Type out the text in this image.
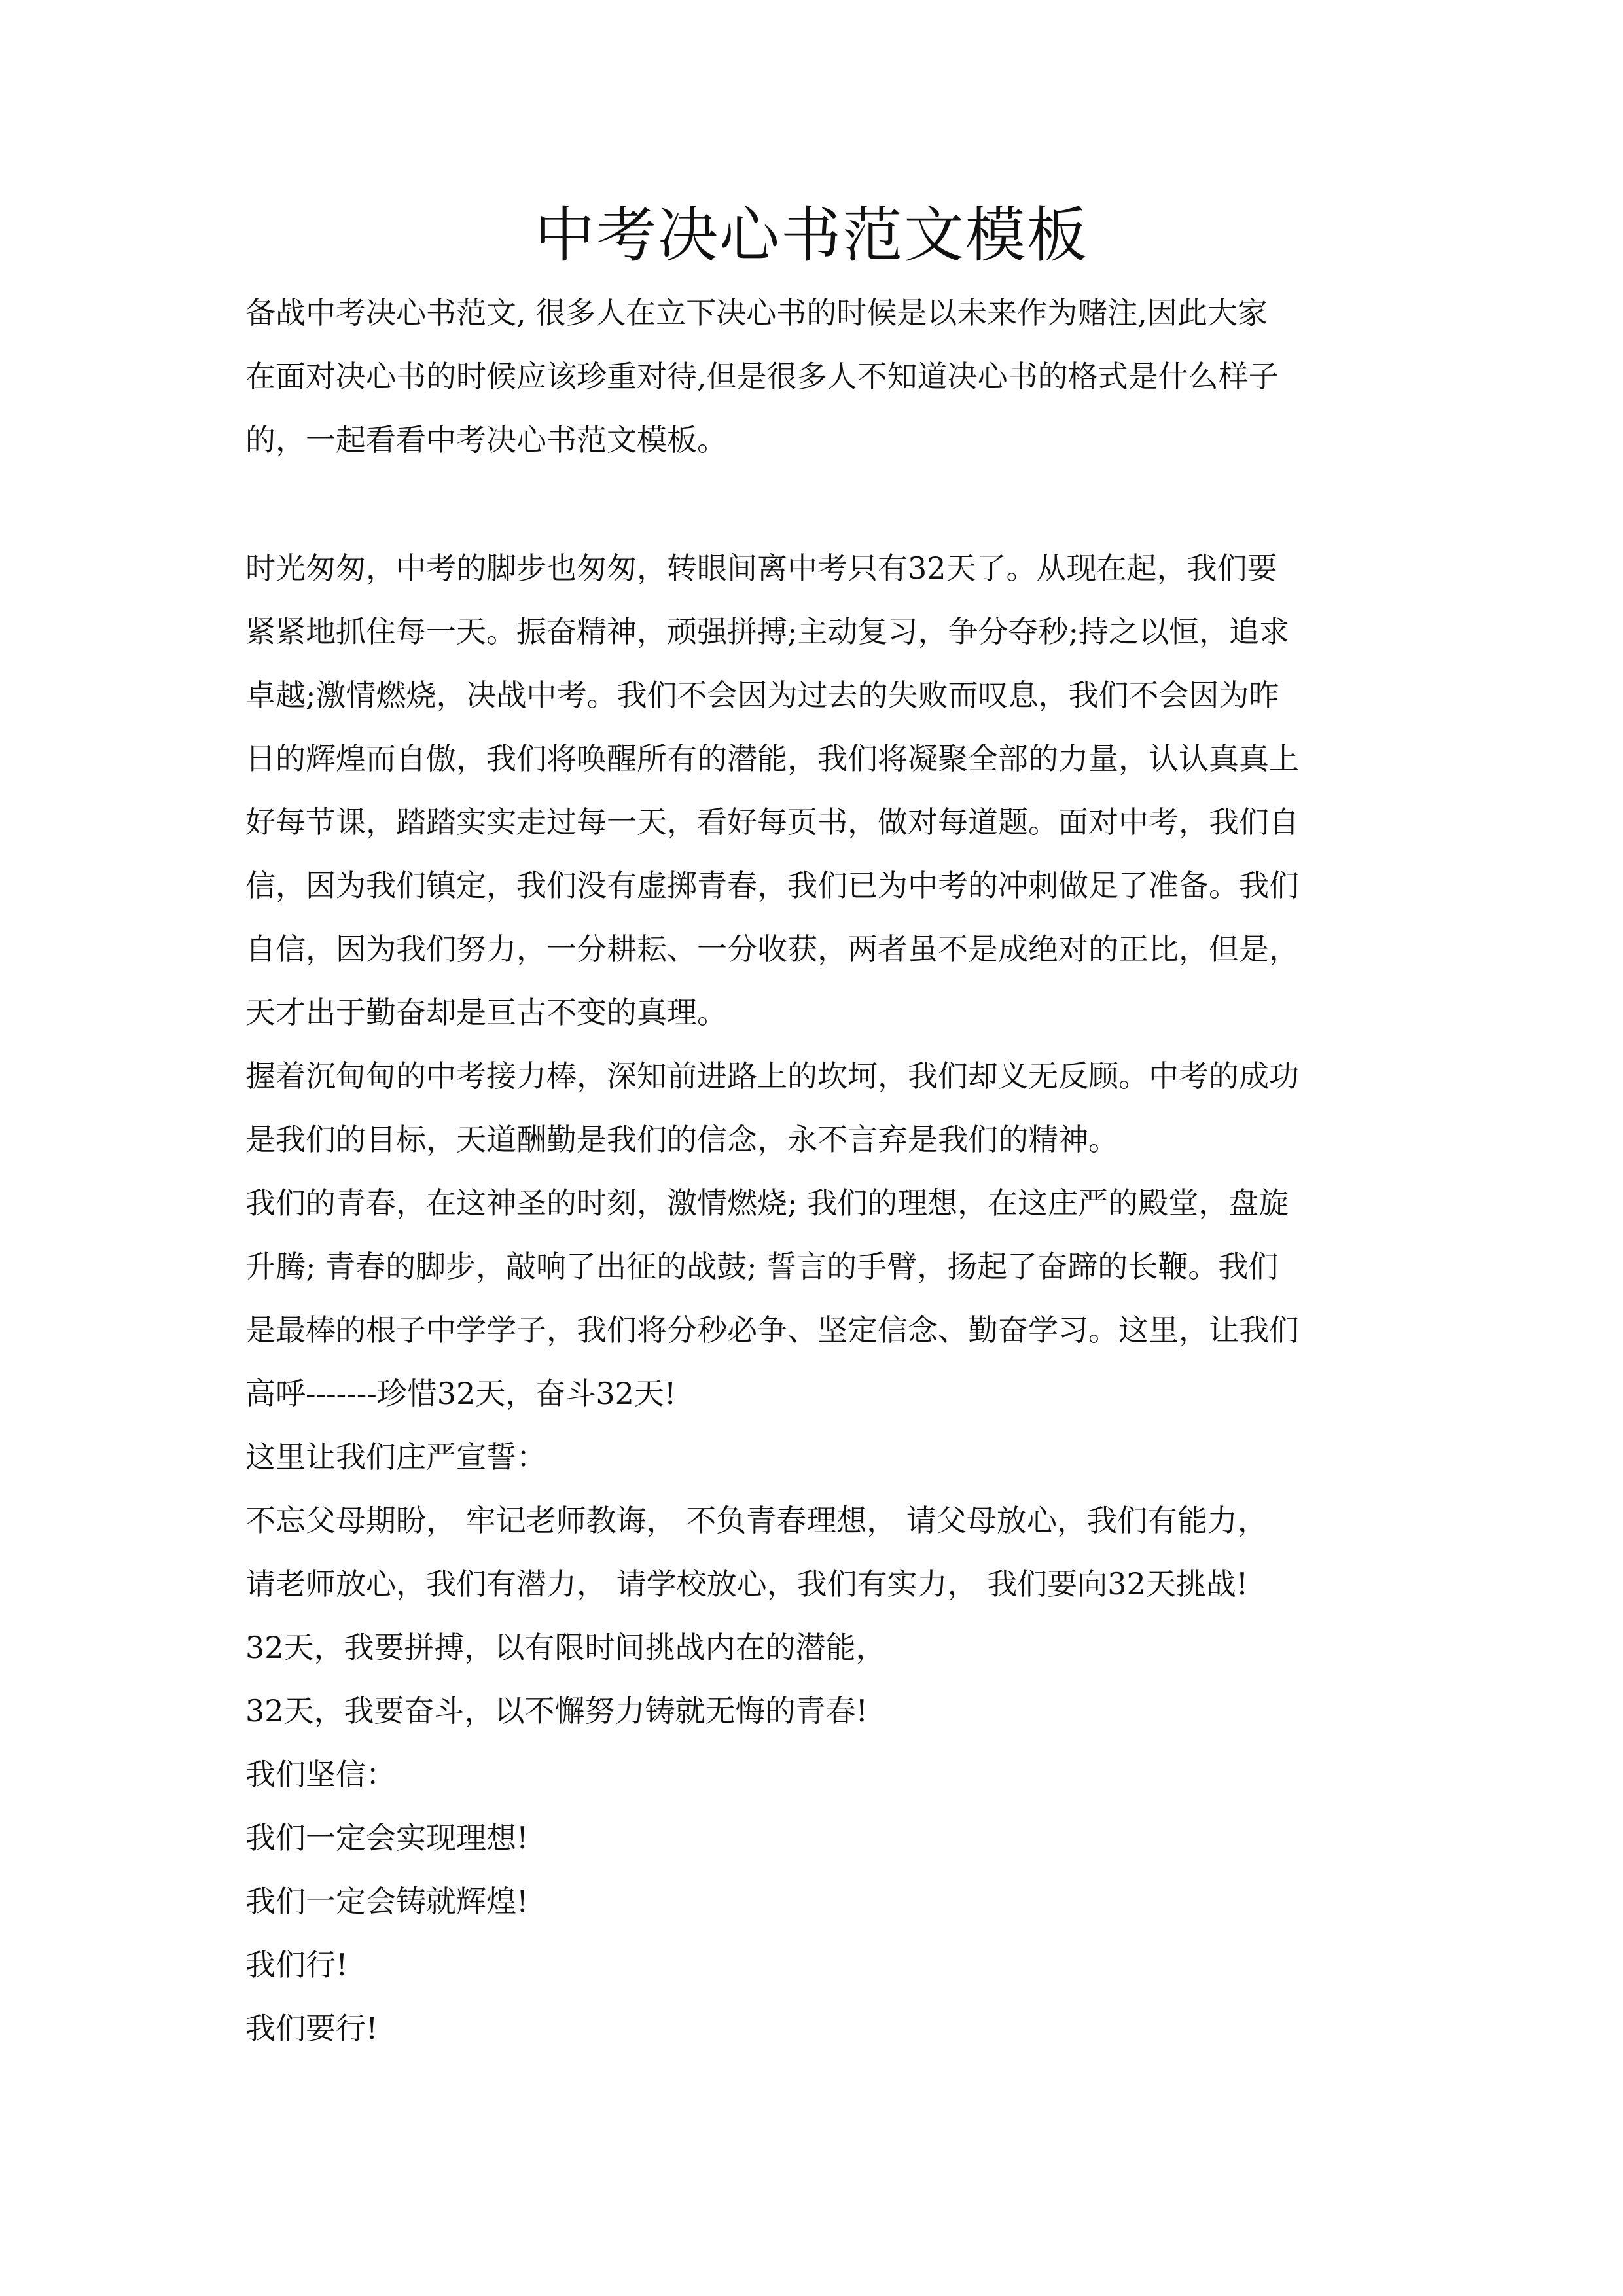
中考决心书范文模板
备战中考决心书范文, 很多人在立下决心书的时候是以未来作为赌注,因此大家
在面对决心书的时候应该珍重对待,但是很多人不知道决心书的格式是什么样子
的，一起看看中考决心书范文模板。
时光匆匆，中考的脚步也匆匆，转眼间离中考只有32天了。从现在起，我们要
紧紧地抓住每一天。振奋精神，顽强拼搏;主动复习，争分夺秒;持之以恒，追求
卓越;激情燃烧，决战中考。我们不会因为过去的失败而叹息，我们不会因为昨
日的辉煌而自傲，我们将唤醒所有的潜能，我们将凝聚全部的力量，认认真真上
好每节课，踏踏实实走过每一天，看好每页书，做对每道题。面对中考，我们自
信，因为我们镇定，我们没有虚掷青春，我们已为中考的冲刺做足了准备。我们
自信，因为我们努力，一分耕耘、一分收获，两者虽不是成绝对的正比，但是，
天才出于勤奋却是亘古不变的真理。
握着沉甸甸的中考接力棒，深知前进路上的坎坷，我们却义无反顾。中考的成功
是我们的目标，天道酬勤是我们的信念，永不言弃是我们的精神。
我们的青春，在这神圣的时刻，激情燃烧; 我们的理想，在这庄严的殿堂，盘旋
升腾; 青春的脚步，敲响了出征的战鼓; 誓言的手臂，扬起了奋蹄的长鞭。我们
是最棒的根子中学学子，我们将分秒必争、坚定信念、勤奋学习。这里，让我们
高呼-------珍惜32天，奋斗32天!
这里让我们庄严宣誓：
不忘父母期盼， 牢记老师教诲， 不负青春理想， 请父母放心，我们有能力，
请老师放心，我们有潜力， 请学校放心，我们有实力， 我们要向32天挑战!
32天，我要拼搏，以有限时间挑战内在的潜能，
32天，我要奋斗，以不懈努力铸就无悔的青春!
我们坚信：
我们一定会实现理想!
我们一定会铸就辉煌!
我们行!
我们要行!
